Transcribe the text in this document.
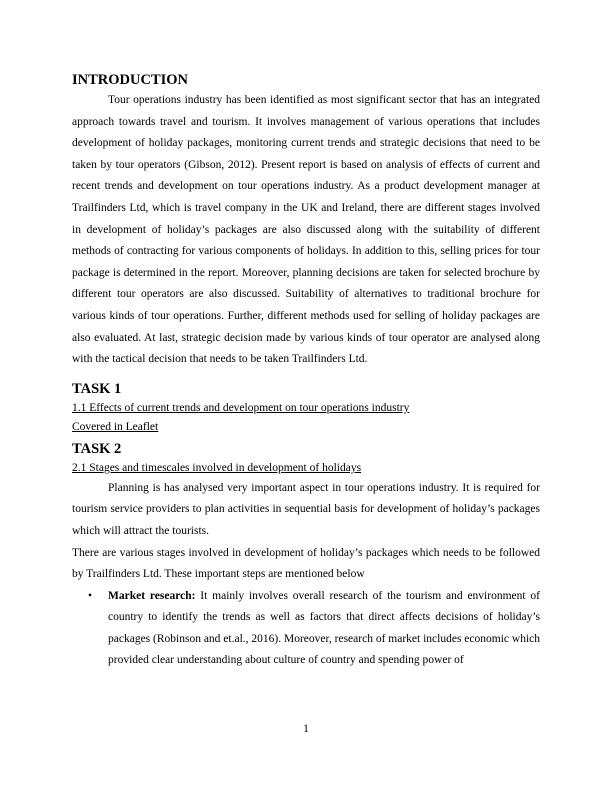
INTRODUCTION

Tour operations industry has been identified as most significant sector that has an integrated approach towards travel and tourism. It involves management of various operations that includes development of holiday packages, monitoring current trends and strategic decisions that need to be taken by tour operators (Gibson, 2012). Present report is based on analysis of effects of current and recent trends and development on tour operations industry. As a product development manager at Trailfinders Ltd, which is travel company in the UK and Ireland, there are different stages involved in development of holiday’s packages are also discussed along with the suitability of different methods of contracting for various components of holidays. In addition to this, selling prices for tour package is determined in the report. Moreover, planning decisions are taken for selected brochure by different tour operators are also discussed. Suitability of alternatives to traditional brochure for various kinds of tour operations. Further, different methods used for selling of holiday packages are also evaluated. At last, strategic decision made by various kinds of tour operator are analysed along with the tactical decision that needs to be taken Trailfinders Ltd.

TASK 1

1.1 Effects of current trends and development on tour operations industry

Covered in Leaflet

TASK 2

2.1 Stages and timescales involved in development of holidays

Planning is has analysed very important aspect in tour operations industry. It is required for tourism service providers to plan activities in sequential basis for development of holiday’s packages which will attract the tourists.

There are various stages involved in development of holiday’s packages which needs to be followed by Trailfinders Ltd. These important steps are mentioned below

• Market research: It mainly involves overall research of the tourism and environment of country to identify the trends as well as factors that direct affects decisions of holiday’s packages (Robinson and et.al., 2016). Moreover, research of market includes economic which provided clear understanding about culture of country and spending power of
1
